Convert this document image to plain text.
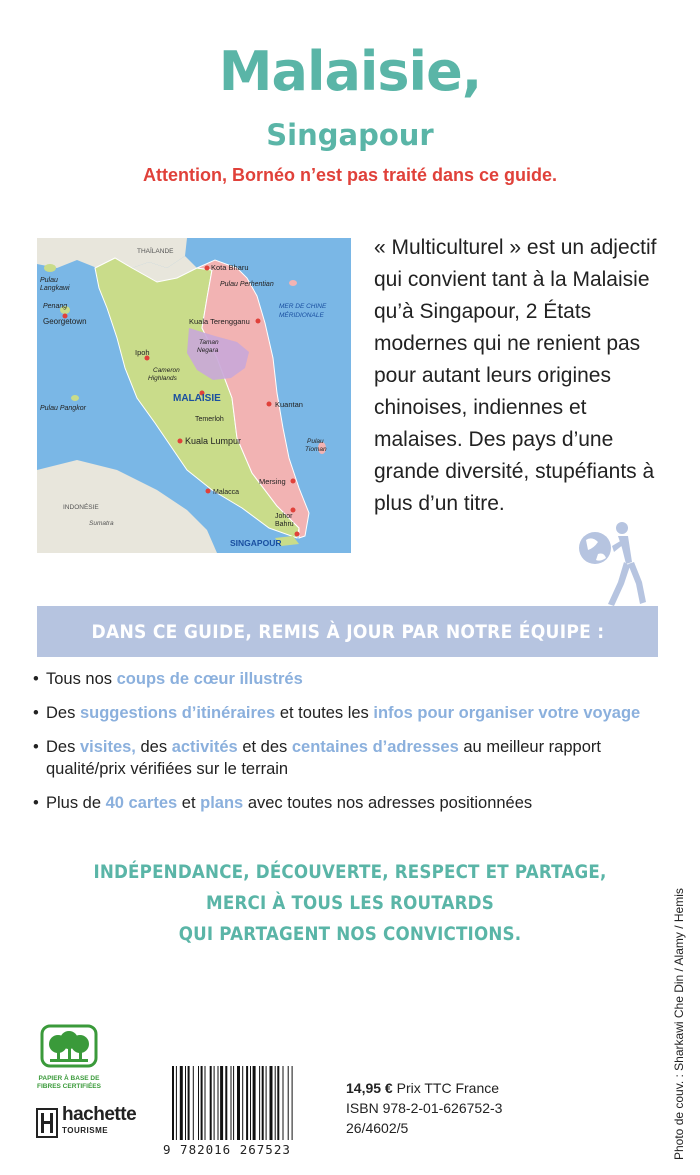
Malaisie,
Singapour
Attention, Bornéo n’est pas traité dans ce guide.
THAÏLANDE
Pulau
Langkawi
Penang
Georgetown
Kota Bharu
Pulau Perhentian
MER DE CHINE
MÉRIDIONALE
Kuala Terengganu
Taman
Negara
Ipoh
Cameron
Highlands
Pulau Pangkor
MALAISIE
Kuantan
Temerloh
Kuala Lumpur	Pulau
Tioman
Mersing
Malacca
INDONÉSIE
Sumatra
Johor
Bahru
SINGAPOUR
« Multiculturel » est un adjectif qui convient tant à la Malaisie qu’à Singapour, 2 États modernes qui ne renient pas pour autant leurs origines chinoises, indiennes et malaises. Des pays d’une grande diversité, stupéfiants à plus d’un titre.
DANS CE GUIDE, REMIS À JOUR PAR NOTRE ÉQUIPE :
• Tous nos coups de cœur illustrés
• Des suggestions d’itinéraires et toutes les infos pour organiser votre voyage
• Des visites, des activités et des centaines d’adresses au meilleur rapport qualité/prix vérifiées sur le terrain
• Plus de 40 cartes et plans avec toutes nos adresses positionnées
INDÉPENDANCE, DÉCOUVERTE, RESPECT ET PARTAGE,
MERCI À TOUS LES ROUTARDS
QUI PARTAGENT NOS CONVICTIONS.	Photo de couv. : Sharkawi Che Din / Alamy / Hemis
PAPIER À BASE DE
FIBRES CERTIFIÉES
hachette
TOURISME
9 782016 267523
14,95 € Prix TTC France
ISBN 978-2-01-626752-3
26/4602/5
